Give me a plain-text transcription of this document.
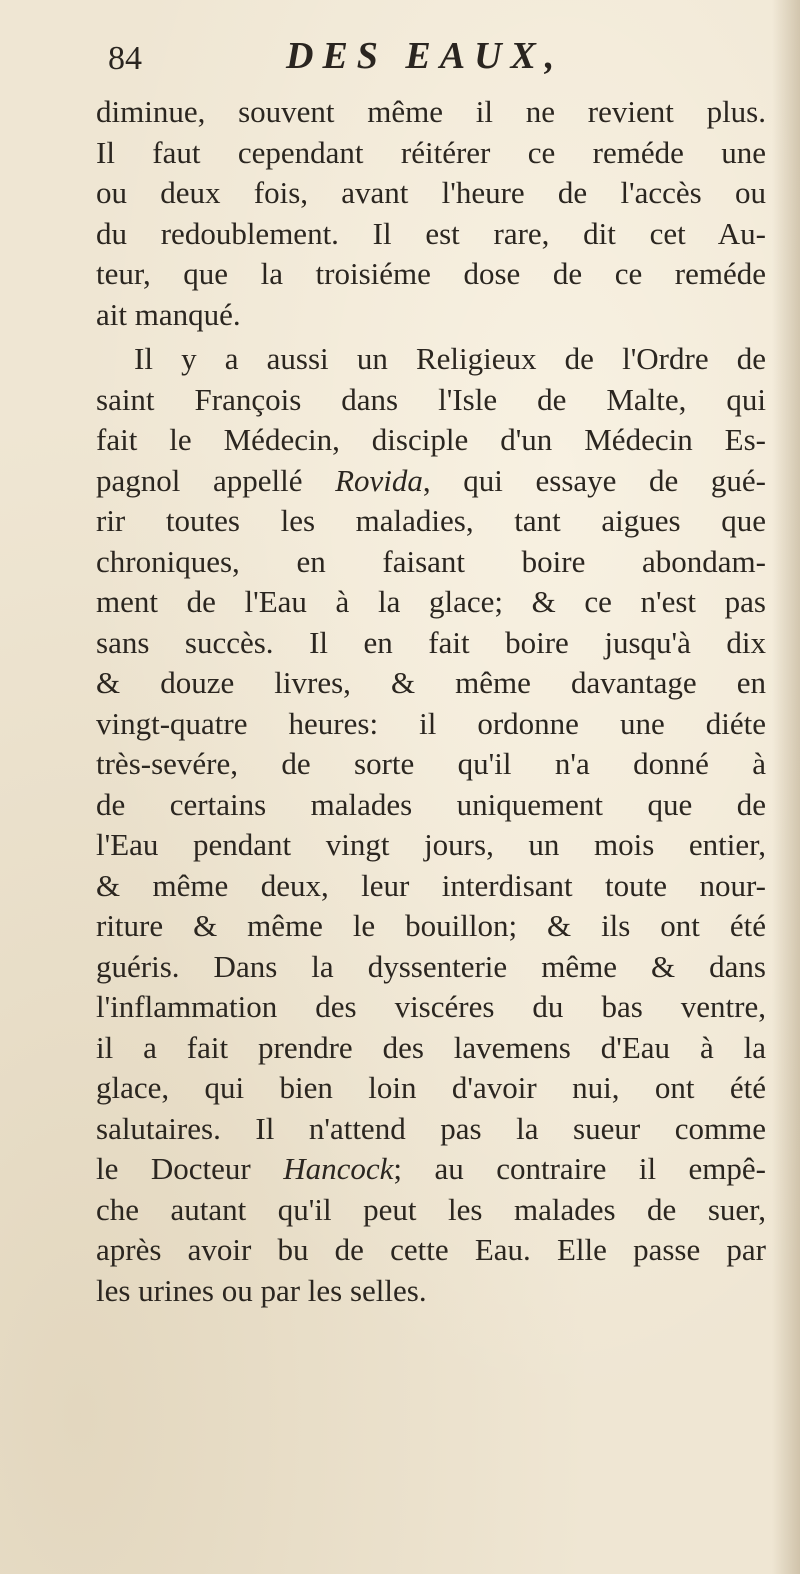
84	DES EAUX,

diminue, souvent même il ne revient plus.
Il faut cependant réitérer ce reméde une
ou deux fois, avant l'heure de l'accès ou
du redoublement. Il est rare, dit cet Au-
teur, que la troisiéme dose de ce reméde
ait manqué.

Il y a aussi un Religieux de l'Ordre de
saint François dans l'Isle de Malte, qui
fait le Médecin, disciple d'un Médecin Es-
pagnol appellé Rovida, qui essaye de gué-
rir toutes les maladies, tant aigues que
chroniques, en faisant boire abondam-
ment de l'Eau à la glace; & ce n'est pas
sans succès. Il en fait boire jusqu'à dix
& douze livres, & même davantage en
vingt-quatre heures: il ordonne une diéte
très-sevére, de sorte qu'il n'a donné à
de certains malades uniquement que de
l'Eau pendant vingt jours, un mois entier,
& même deux, leur interdisant toute nour-
riture & même le bouillon; & ils ont été
guéris. Dans la dyssenterie même & dans
l'inflammation des viscéres du bas ventre,
il a fait prendre des lavemens d'Eau à la
glace, qui bien loin d'avoir nui, ont été
salutaires. Il n'attend pas la sueur comme
le Docteur Hancock; au contraire il empê-
che autant qu'il peut les malades de suer,
après avoir bu de cette Eau. Elle passe par
les urines ou par les selles.
